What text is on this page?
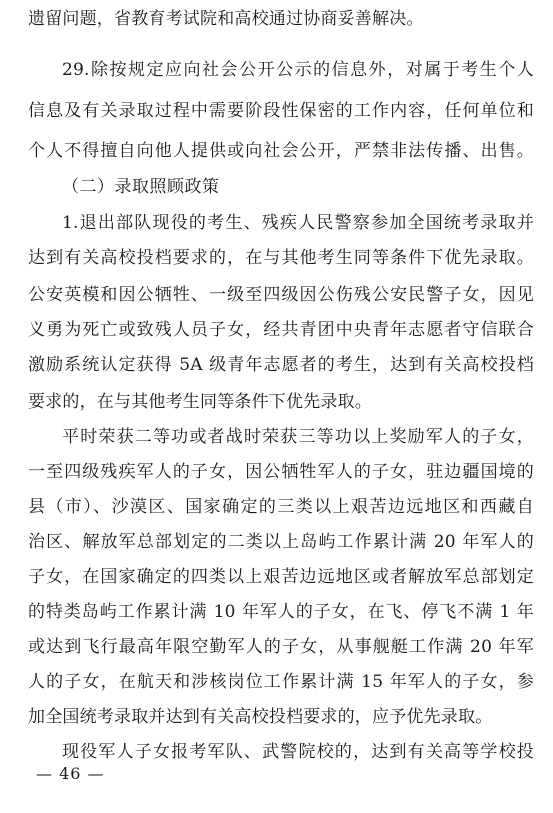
遗留问题，省教育考试院和高校通过协商妥善解决。
29.除按规定应向社会公开公示的信息外，对属于考生个人
信息及有关录取过程中需要阶段性保密的工作内容，任何单位和
个人不得擅自向他人提供或向社会公开，严禁非法传播、出售。
（二）录取照顾政策
1.退出部队现役的考生、残疾人民警察参加全国统考录取并
达到有关高校投档要求的，在与其他考生同等条件下优先录取。
公安英模和因公牺牲、一级至四级因公伤残公安民警子女，因见
义勇为死亡或致残人员子女，经共青团中央青年志愿者守信联合
激励系统认定获得 5A 级青年志愿者的考生，达到有关高校投档
要求的，在与其他考生同等条件下优先录取。
平时荣获二等功或者战时荣获三等功以上奖励军人的子女，
一至四级残疾军人的子女，因公牺牲军人的子女，驻边疆国境的
县（市）、沙漠区、国家确定的三类以上艰苦边远地区和西藏自
治区、解放军总部划定的二类以上岛屿工作累计满 20 年军人的
子女，在国家确定的四类以上艰苦边远地区或者解放军总部划定
的特类岛屿工作累计满 10 年军人的子女，在飞、停飞不满 1 年
或达到飞行最高年限空勤军人的子女，从事舰艇工作满 20 年军
人的子女，在航天和涉核岗位工作累计满 15 年军人的子女，参
加全国统考录取并达到有关高校投档要求的，应予优先录取。
现役军人子女报考军队、武警院校的，达到有关高等学校投
— 46 —
